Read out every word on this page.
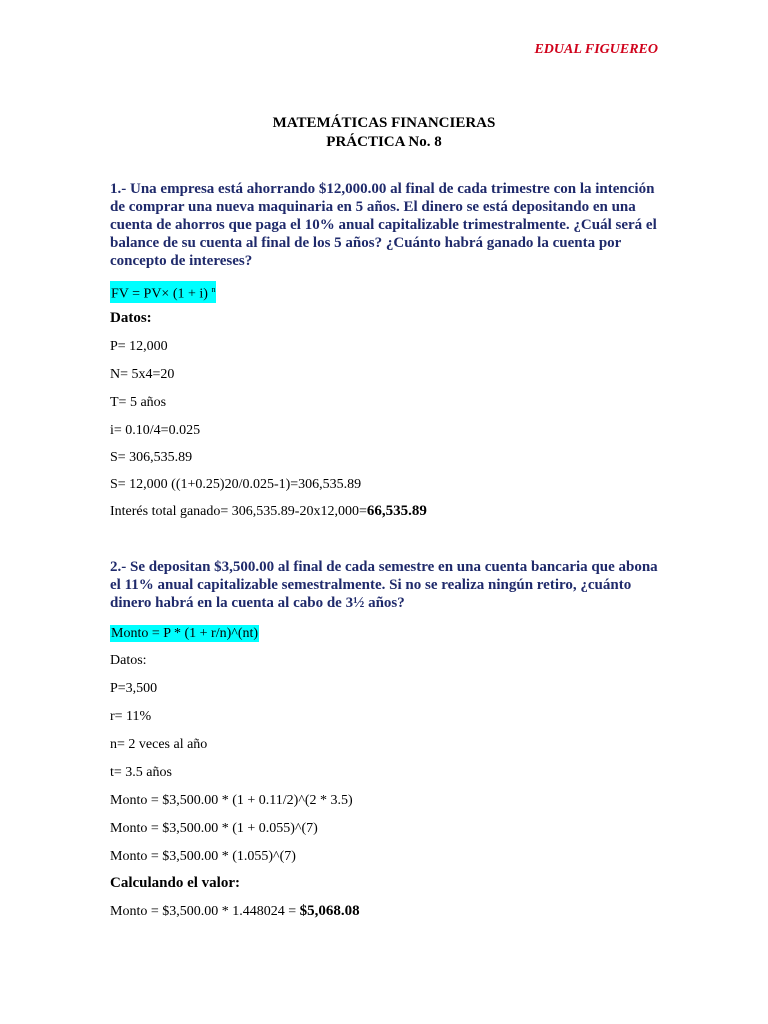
EDUAL FIGUEREO
MATEMÁTICAS FINANCIERAS
PRÁCTICA No. 8

1.- Una empresa está ahorrando $12,000.00 al final de cada trimestre con la intención de comprar una nueva maquinaria en 5 años. El dinero se está depositando en una cuenta de ahorros que paga el 10% anual capitalizable trimestralmente. ¿Cuál será el balance de su cuenta al final de los 5 años? ¿Cuánto habrá ganado la cuenta por concepto de intereses?

FV = PV× (1 + i) $^n$
Datos:
P= 12,000
N= 5x4=20
T= 5 años
i= 0.10/4=0.025
S= 306,535.89
S= 12,000 ((1+0.25)20/0.025-1)=306,535.89
Interés total ganado= 306,535.89-20x12,000=66,535.89

2.- Se depositan $3,500.00 al final de cada semestre en una cuenta bancaria que abona el 11% anual capitalizable semestralmente. Si no se realiza ningún retiro, ¿cuánto dinero habrá en la cuenta al cabo de 3½ años?

Monto = P * (1 + r/n)^(nt)
Datos:
P=3,500
r= 11%
n= 2 veces al año
t= 3.5 años
Monto = $3,500.00 * (1 + 0.11/2)^(2 * 3.5)
Monto = $3,500.00 * (1 + 0.055)^(7)
Monto = $3,500.00 * (1.055)^(7)
Calculando el valor:
Monto = $3,500.00 * 1.448024 = $5,068.08
